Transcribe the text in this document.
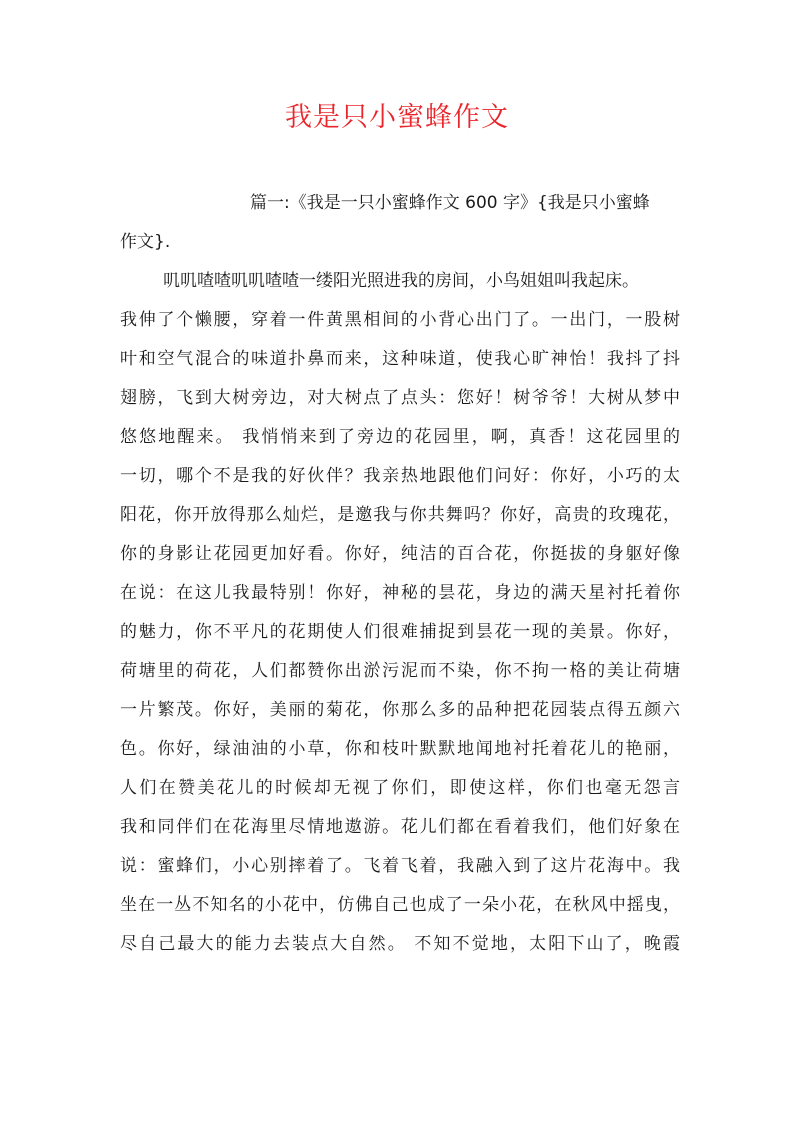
我是只小蜜蜂作文
篇一:《我是一只小蜜蜂作文 600 字》{我是只小蜜蜂
作文}.
叽叽喳喳叽叽喳喳一缕阳光照进我的房间，小鸟姐姐叫我起床。
我伸了个懒腰，穿着一件黄黑相间的小背心出门了。一出门，一股树
叶和空气混合的味道扑鼻而来，这种味道，使我心旷神怡！我抖了抖
翅膀，飞到大树旁边，对大树点了点头：您好！树爷爷！大树从梦中
悠悠地醒来。 我悄悄来到了旁边的花园里，啊，真香！这花园里的
一切，哪个不是我的好伙伴？我亲热地跟他们问好：你好，小巧的太
阳花，你开放得那么灿烂，是邀我与你共舞吗？你好，高贵的玫瑰花，
你的身影让花园更加好看。你好，纯洁的百合花，你挺拔的身躯好像
在说：在这儿我最特别！你好，神秘的昙花，身边的满天星衬托着你
的魅力，你不平凡的花期使人们很难捕捉到昙花一现的美景。你好，
荷塘里的荷花，人们都赞你出淤污泥而不染，你不拘一格的美让荷塘
一片繁茂。你好，美丽的菊花，你那么多的品种把花园装点得五颜六
色。你好，绿油油的小草，你和枝叶默默地闻地衬托着花儿的艳丽，
人们在赞美花儿的时候却无视了你们，即使这样，你们也毫无怨言
我和同伴们在花海里尽情地遨游。花儿们都在看着我们，他们好象在
说：蜜蜂们，小心别摔着了。飞着飞着，我融入到了这片花海中。我
坐在一丛不知名的小花中，仿佛自己也成了一朵小花，在秋风中摇曳，
尽自己最大的能力去装点大自然。 不知不觉地，太阳下山了，晚霞
